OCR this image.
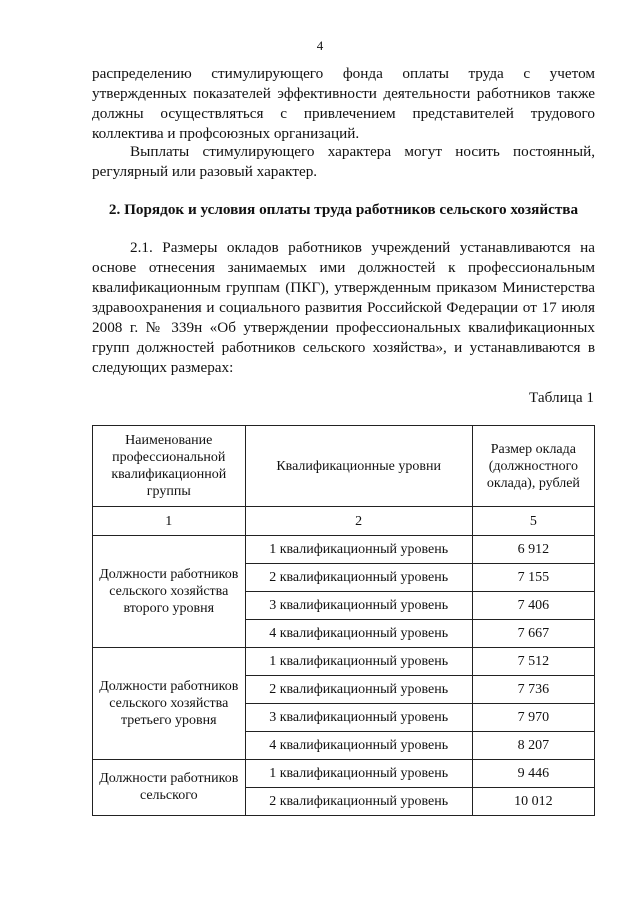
4

распределению стимулирующего фонда оплаты труда с учетом утвержденных показателей эффективности деятельности работников также должны осуществляться с привлечением представителей трудового коллектива и профсоюзных организаций.

Выплаты стимулирующего характера могут носить постоянный, регулярный или разовый характер.

2. Порядок и условия оплаты труда работников сельского хозяйства

2.1. Размеры окладов работников учреждений устанавливаются на основе отнесения занимаемых ими должностей к профессиональным квалификационным группам (ПКГ), утвержденным приказом Министерства здравоохранения и социального развития Российской Федерации от 17 июля 2008 г. № 339н «Об утверждении профессиональных квалификационных групп должностей работников сельского хозяйства», и устанавливаются в следующих размерах:

Таблица 1
Наименование профессиональной квалификационной группы	Квалификационные уровни	Размер оклада (должностного оклада), рублей
1	2	5
Должности работников сельского хозяйства второго уровня	1 квалификационный уровень	6 912
	2 квалификационный уровень	7 155
	3 квалификационный уровень	7 406
	4 квалификационный уровень	7 667
Должности работников сельского хозяйства третьего уровня	1 квалификационный уровень	7 512
	2 квалификационный уровень	7 736
	3 квалификационный уровень	7 970
	4 квалификационный уровень	8 207
Должности работников сельского	1 квалификационный уровень	9 446
	2 квалификационный уровень	10 012
